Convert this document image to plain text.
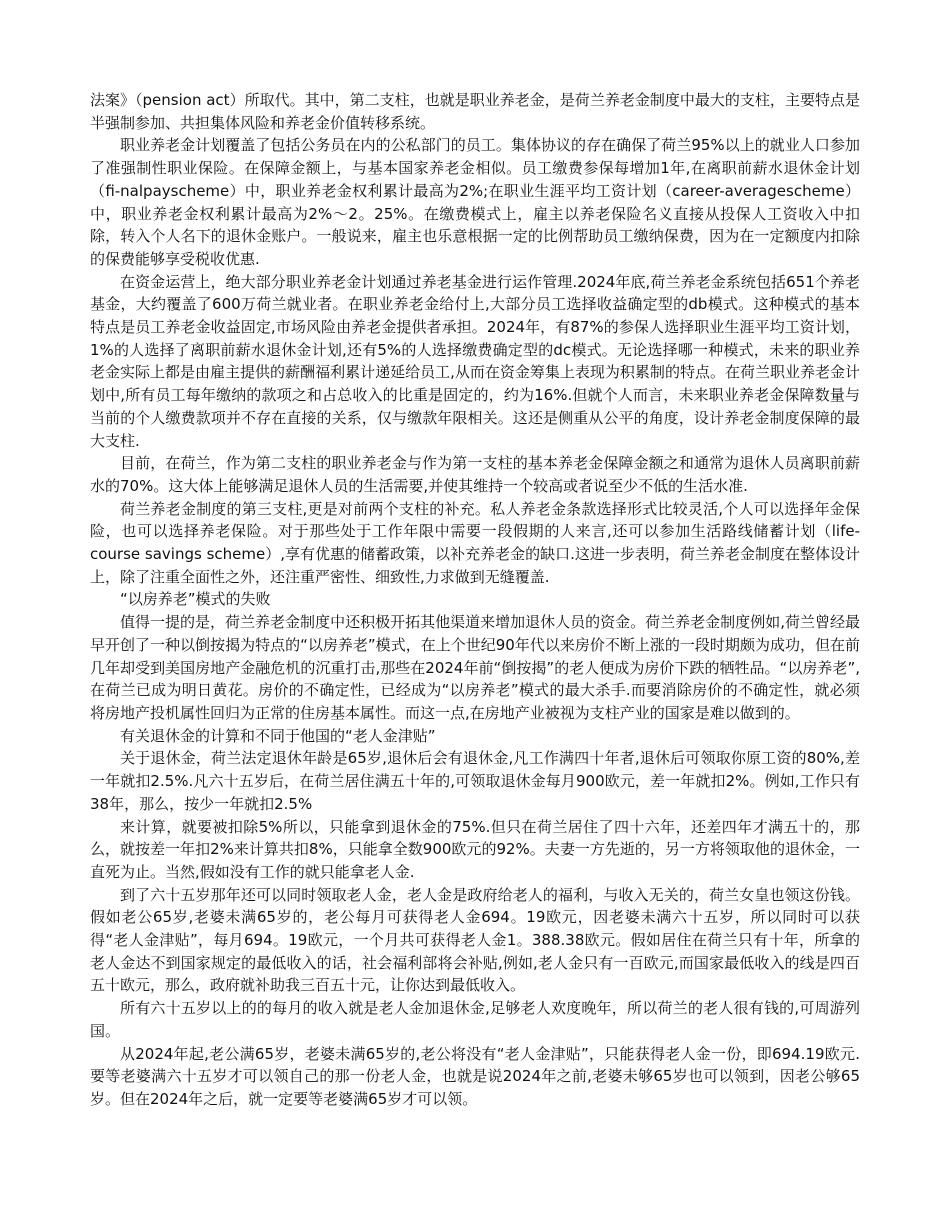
法案》（pension act）所取代。其中，第二支柱，也就是职业养老金，是荷兰养老金制度中最大的支柱，主要特点是半强制参加、共担集体风险和养老金价值转移系统。

职业养老金计划覆盖了包括公务员在内的公私部门的员工。集体协议的存在确保了荷兰95%以上的就业人口参加了准强制性职业保险。在保障金额上，与基本国家养老金相似。员工缴费参保每增加1年,在离职前薪水退休金计划（fi-nalpayscheme）中，职业养老金权利累计最高为2%;在职业生涯平均工资计划（career-averagescheme）中，职业养老金权利累计最高为2%～2。25%。在缴费模式上，雇主以养老保险名义直接从投保人工资收入中扣除，转入个人名下的退休金账户。一般说来，雇主也乐意根据一定的比例帮助员工缴纳保费，因为在一定额度内扣除的保费能够享受税收优惠.

在资金运营上，绝大部分职业养老金计划通过养老基金进行运作管理.2024年底,荷兰养老金系统包括651个养老基金，大约覆盖了600万荷兰就业者。在职业养老金给付上,大部分员工选择收益确定型的db模式。这种模式的基本特点是员工养老金收益固定,市场风险由养老金提供者承担。2024年，有87%的参保人选择职业生涯平均工资计划，1%的人选择了离职前薪水退休金计划,还有5%的人选择缴费确定型的dc模式。无论选择哪一种模式，未来的职业养老金实际上都是由雇主提供的薪酬福利累计递延给员工,从而在资金筹集上表现为积累制的特点。在荷兰职业养老金计划中,所有员工每年缴纳的款项之和占总收入的比重是固定的，约为16%.但就个人而言，未来职业养老金保障数量与当前的个人缴费款项并不存在直接的关系，仅与缴款年限相关。这还是侧重从公平的角度，设计养老金制度保障的最大支柱.

目前，在荷兰，作为第二支柱的职业养老金与作为第一支柱的基本养老金保障金额之和通常为退休人员离职前薪水的70%。这大体上能够满足退休人员的生活需要,并使其维持一个较高或者说至少不低的生活水准.

荷兰养老金制度的第三支柱,更是对前两个支柱的补充。私人养老金条款选择形式比较灵活,个人可以选择年金保险，也可以选择养老保险。对于那些处于工作年限中需要一段假期的人来言,还可以参加生活路线储蓄计划（life-course savings scheme）,享有优惠的储蓄政策，以补充养老金的缺口.这进一步表明，荷兰养老金制度在整体设计上，除了注重全面性之外，还注重严密性、细致性,力求做到无缝覆盖.

“以房养老”模式的失败

值得一提的是，荷兰养老金制度中还积极开拓其他渠道来增加退休人员的资金。荷兰养老金制度例如,荷兰曾经最早开创了一种以倒按揭为特点的“以房养老”模式，在上个世纪90年代以来房价不断上涨的一段时期颇为成功，但在前几年却受到美国房地产金融危机的沉重打击,那些在2024年前“倒按揭”的老人便成为房价下跌的牺牲品。“以房养老”,在荷兰已成为明日黄花。房价的不确定性，已经成为“以房养老”模式的最大杀手.而要消除房价的不确定性，就必须将房地产投机属性回归为正常的住房基本属性。而这一点,在房地产业被视为支柱产业的国家是难以做到的。

有关退休金的计算和不同于他国的“老人金津贴”

关于退休金，荷兰法定退休年龄是65岁,退休后会有退休金,凡工作满四十年者,退休后可领取你原工资的80%,差一年就扣2.5%.凡六十五岁后，在荷兰居住满五十年的,可领取退休金每月900欧元，差一年就扣2%。例如,工作只有38年，那么，按少一年就扣2.5%

来计算，就要被扣除5%所以，只能拿到退休金的75%.但只在荷兰居住了四十六年，还差四年才满五十的，那么，就按差一年扣2%来计算共扣8%，只能拿全数900欧元的92%。夫妻一方先逝的，另一方将领取他的退休金，一直死为止。当然,假如没有工作的就只能拿老人金.

到了六十五岁那年还可以同时领取老人金，老人金是政府给老人的福利，与收入无关的，荷兰女皇也领这份钱。假如老公65岁,老婆未满65岁的，老公每月可获得老人金694。19欧元，因老婆未满六十五岁，所以同时可以获得“老人金津贴”，每月694。19欧元，一个月共可获得老人金1。388.38欧元。假如居住在荷兰只有十年，所拿的老人金达不到国家规定的最低收入的话，社会福利部将会补贴,例如,老人金只有一百欧元,而国家最低收入的线是四百五十欧元，那么，政府就补助我三百五十元，让你达到最低收入。

所有六十五岁以上的的每月的收入就是老人金加退休金,足够老人欢度晚年，所以荷兰的老人很有钱的,可周游列国。

从2024年起,老公满65岁，老婆未满65岁的,老公将没有“老人金津贴”，只能获得老人金一份，即694.19欧元.要等老婆满六十五岁才可以领自己的那一份老人金，也就是说2024年之前,老婆未够65岁也可以领到，因老公够65岁。但在2024年之后，就一定要等老婆满65岁才可以领。
